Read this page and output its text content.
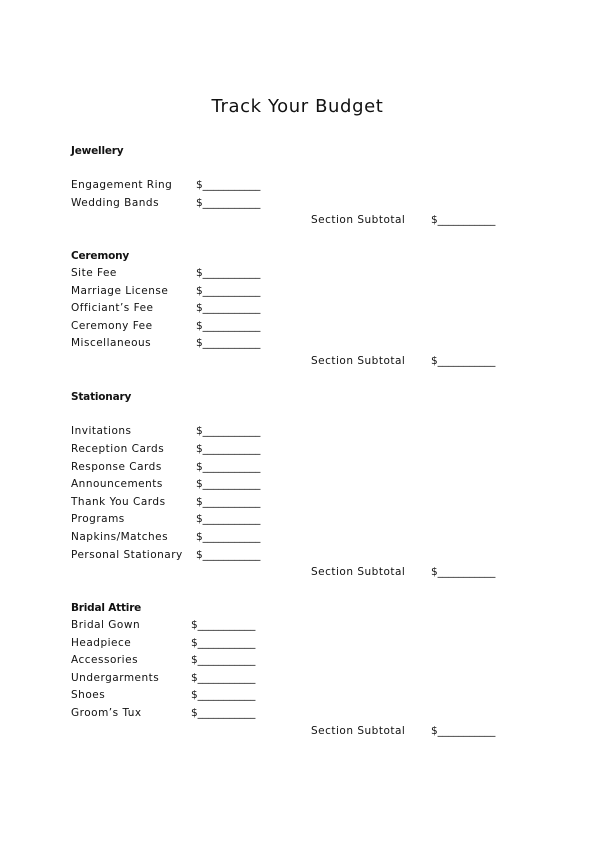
Track Your Budget
Jewellery
Engagement Ring $___________
Wedding Bands	$___________
Section Subtotal $___________
Ceremony
Site Fee	$___________
Marriage License	$___________
Officiant’s Fee	$___________
Ceremony Fee	$___________
Miscellaneous	$___________
Section Subtotal $___________
Stationary
Invitations	$___________
Reception Cards	$___________
Response Cards	$___________
Announcements	$___________
Thank You Cards	$___________
Programs	$___________
Napkins/Matches	$___________
Personal Stationary $___________
Section Subtotal $___________
Bridal Attire
Bridal Gown	$___________
Headpiece	$___________
Accessories	$___________
Undergarments	$___________
Shoes	$___________
Groom’s Tux	$___________
Section Subtotal $___________
